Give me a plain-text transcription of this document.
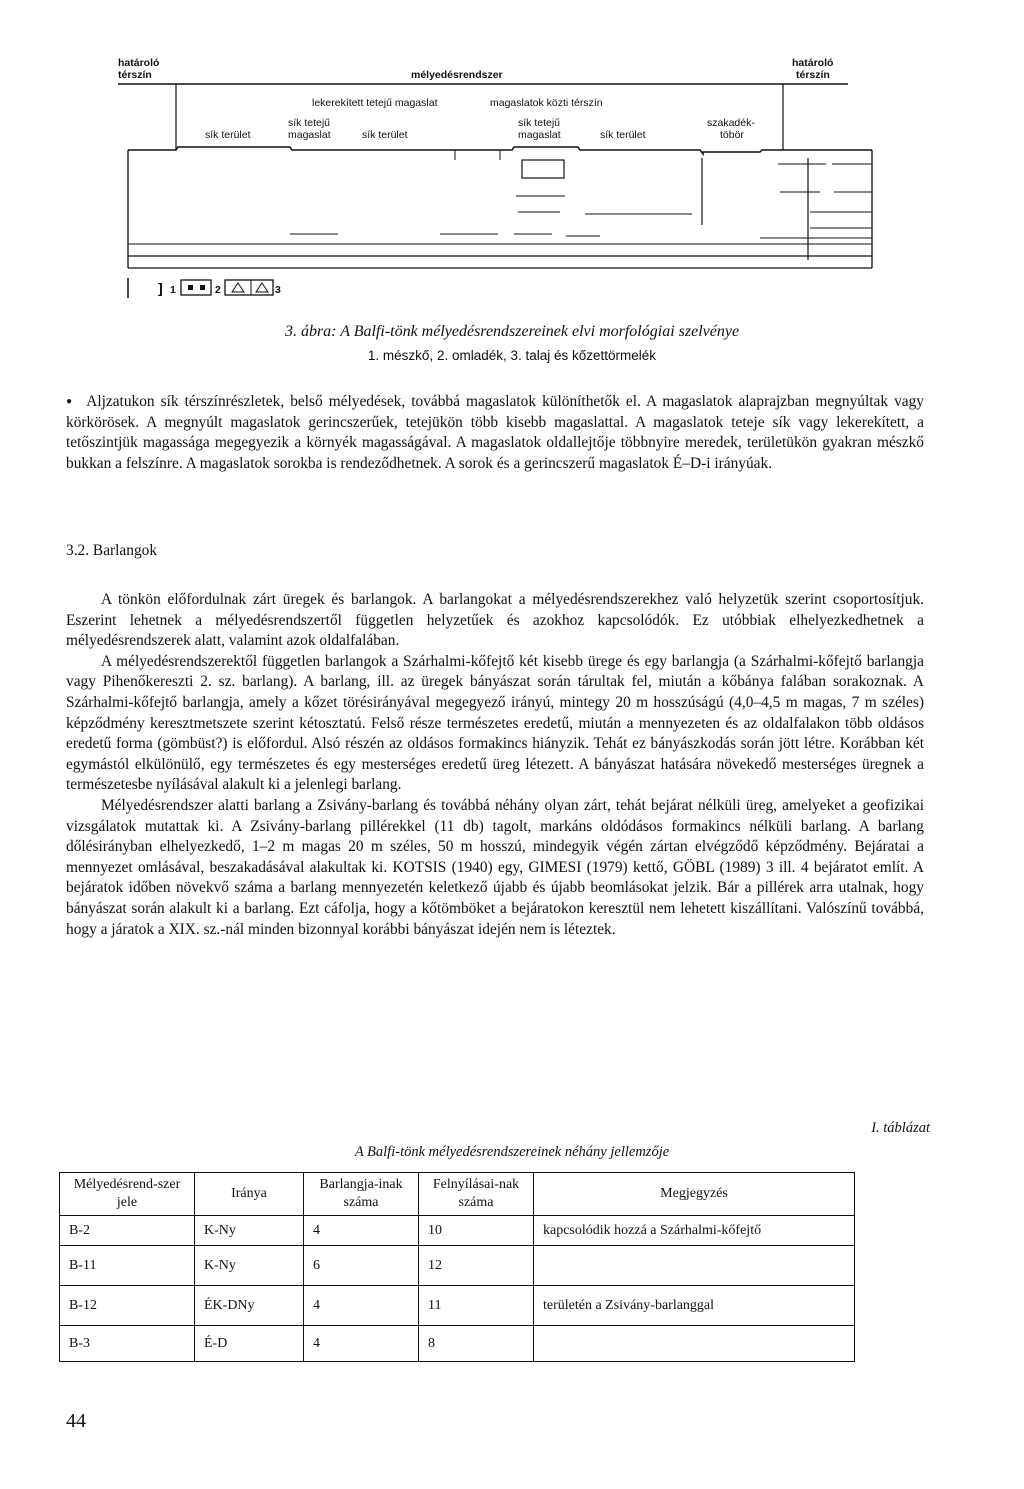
határoló
térszín	mélyedésrendszer
határoló
térszín
lekerekített tetejű magaslat	magaslatok közti térszín
sík tetejű
magaslat
sík tetejű
magaslat
szakadék-
töbör
sík terület	sík terület	sík terület
] 1	2	3
3. ábra: A Balfi-tönk mélyedésrendszereinek elvi morfológiai szelvénye
1. mészkő, 2. omladék, 3. talaj és kőzettörmelék

● Aljzatukon sík térszínrészletek, belső mélyedések, továbbá magaslatok különíthetők el. A magaslatok alaprajzban megnyúltak vagy körkörösek. A megnyúlt magaslatok gerincszerűek, tetejükön több kisebb magaslattal. A magaslatok teteje sík vagy lekerekített, a tetőszintjük magassága megegyezik a környék magasságával. A magaslatok oldallejtője többnyire meredek, területükön gyakran mészkő bukkan a felszínre. A magaslatok sorokba is rendeződhetnek. A sorok és a gerincszerű magaslatok É–D-i irányúak.

3.2. Barlangok

A tönkön előfordulnak zárt üregek és barlangok. A barlangokat a mélyedésrendszerekhez való helyzetük szerint csoportosítjuk. Eszerint lehetnek a mélyedésrendszertől független helyzetűek és azokhoz kapcsolódók. Ez utóbbiak elhelyezkedhetnek a mélyedésrendszerek alatt, valamint azok oldalfalában.

A mélyedésrendszerektől független barlangok a Szárhalmi-kőfejtő két kisebb ürege és egy barlangja (a Szárhalmi-kőfejtő barlangja vagy Pihenőkereszti 2. sz. barlang). A barlang, ill. az üregek bányászat során tárultak fel, miután a kőbánya falában sorakoznak. A Szárhalmi-kőfejtő barlangja, amely a kőzet törésirányával megegyező irányú, mintegy 20 m hosszúságú (4,0–4,5 m magas, 7 m széles) képződmény keresztmetszete szerint kétosztatú. Felső része természetes eredetű, miután a mennyezeten és az oldalfalakon több oldásos eredetű forma (gömbüst?) is előfordul. Alsó részén az oldásos formakincs hiányzik. Tehát ez bányászkodás során jött létre. Korábban két egymástól elkülönülő, egy természetes és egy mesterséges eredetű üreg létezett. A bányászat hatására növekedő mesterséges üregnek a természetesbe nyílásával alakult ki a jelenlegi barlang.

Mélyedésrendszer alatti barlang a Zsivány-barlang és továbbá néhány olyan zárt, tehát bejárat nélküli üreg, amelyeket a geofizikai vizsgálatok mutattak ki. A Zsivány-barlang pillérekkel (11 db) tagolt, markáns oldódásos formakincs nélküli barlang. A barlang dőlésirányban elhelyezkedő, 1–2 m magas 20 m széles, 50 m hosszú, mindegyik végén zártan elvégződő képződmény. Bejáratai a mennyezet omlásával, beszakadásával alakultak ki. KOTSIS (1940) egy, GIMESI (1979) kettő, GÖBL (1989) 3 ill. 4 bejáratot említ. A bejáratok időben növekvő száma a barlang mennyezetén keletkező újabb és újabb beomlásokat jelzik. Bár a pillérek arra utalnak, hogy bányászat során alakult ki a barlang. Ezt cáfolja, hogy a kőtömböket a bejáratokon keresztül nem lehetett kiszállítani. Valószínű továbbá, hogy a járatok a XIX. sz.-nál minden bizonnyal korábbi bányászat idején nem is léteztek.

I. táblázat
A Balfi-tönk mélyedésrendszereinek néhány jellemzője
Mélyedésrend-szer jele	Iránya	Barlangja-inak száma	Felnyílásai-nak száma	Megjegyzés
B-2	K-Ny	4	10	kapcsolódik hozzá a Szárhalmi-kőfejtő
B-11	K-Ny	6	12	
B-12	ÉK-DNy	4	11	területén a Zsivány-barlanggal
B-3	É-D	4	8	
44
